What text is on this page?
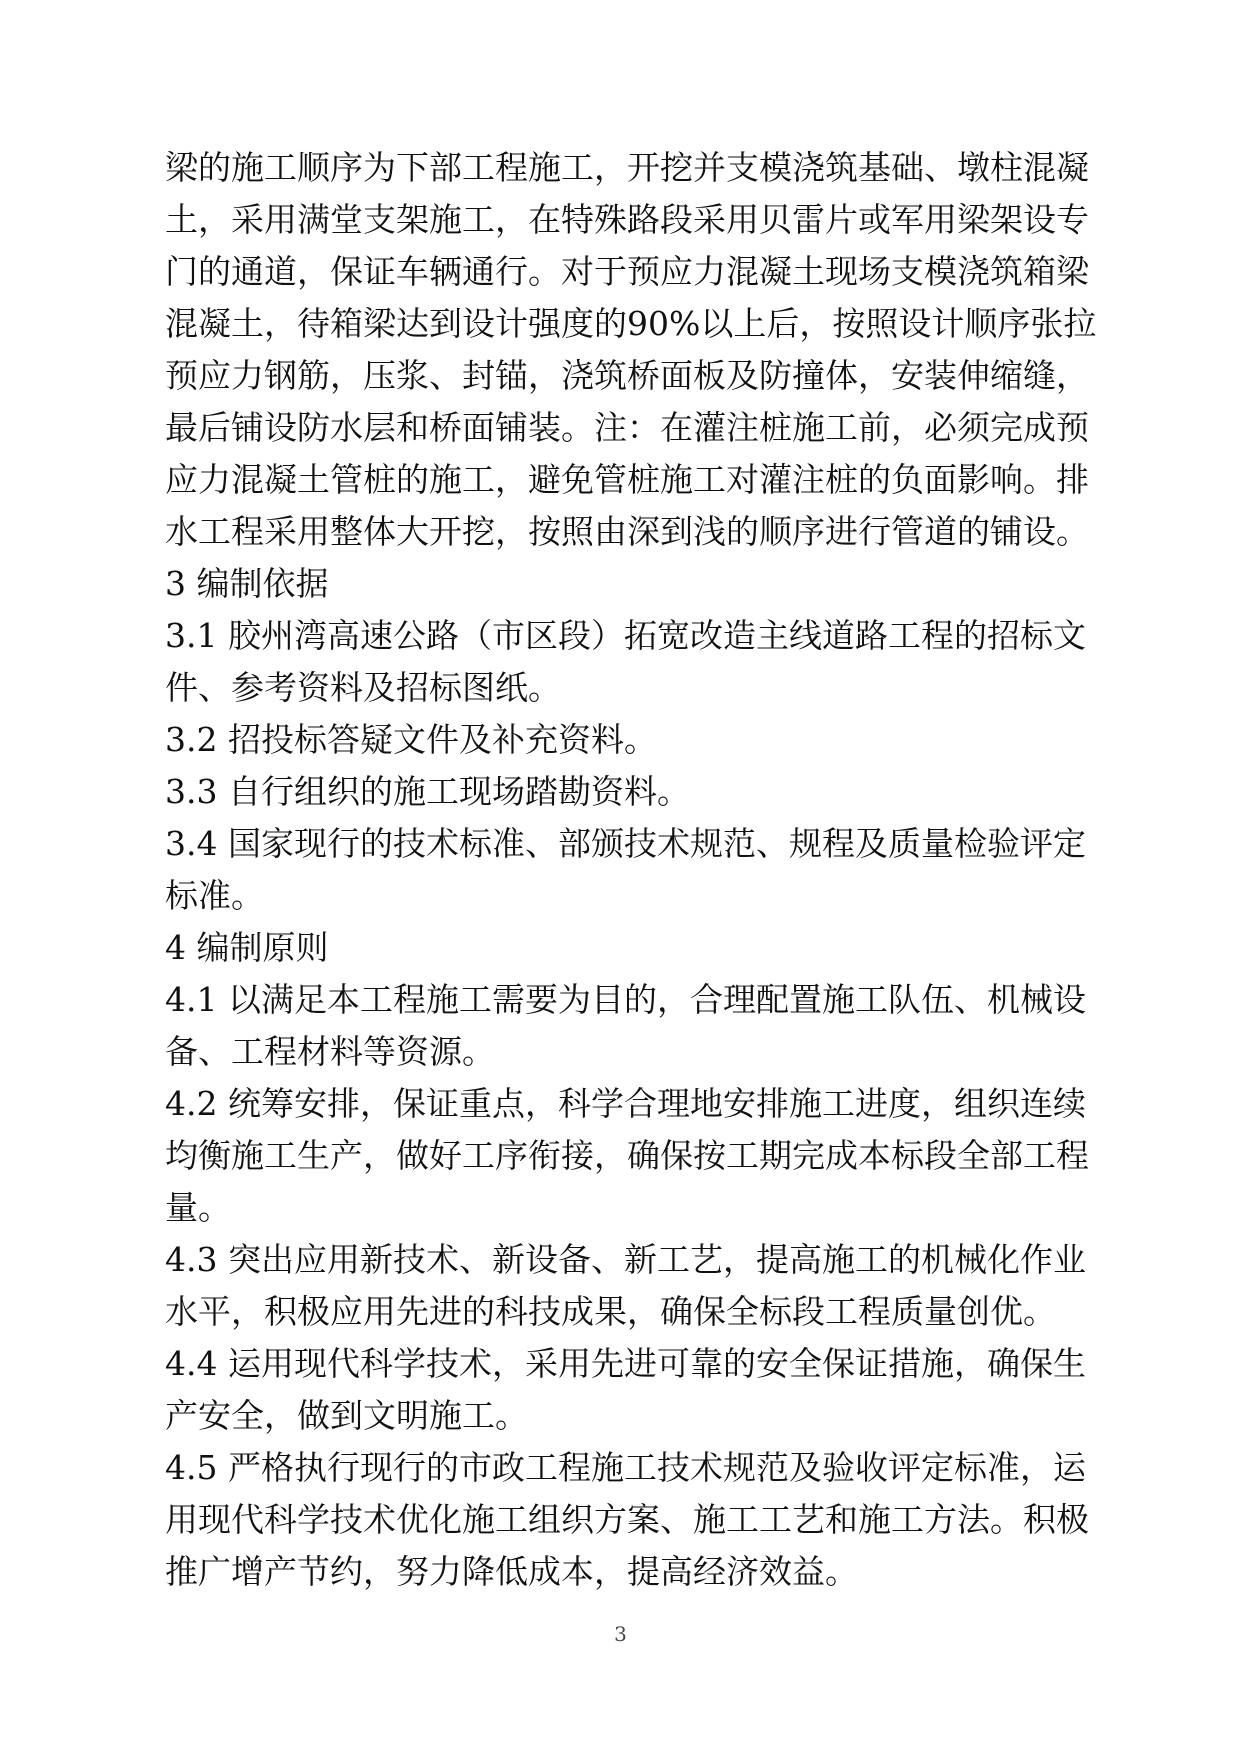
梁的施工顺序为下部工程施工，开挖并支模浇筑基础、墩柱混凝
土，采用满堂支架施工，在特殊路段采用贝雷片或军用梁架设专
门的通道，保证车辆通行。对于预应力混凝土现场支模浇筑箱梁
混凝土，待箱梁达到设计强度的90%以上后，按照设计顺序张拉
预应力钢筋，压浆、封锚，浇筑桥面板及防撞体，安装伸缩缝，
最后铺设防水层和桥面铺装。注：在灌注桩施工前，必须完成预
应力混凝土管桩的施工，避免管桩施工对灌注桩的负面影响。排
水工程采用整体大开挖，按照由深到浅的顺序进行管道的铺设。
3 编制依据
3.1 胶州湾高速公路（市区段）拓宽改造主线道路工程的招标文
件、参考资料及招标图纸。
3.2 招投标答疑文件及补充资料。
3.3 自行组织的施工现场踏勘资料。
3.4 国家现行的技术标准、部颁技术规范、规程及质量检验评定
标准。
4 编制原则
4.1 以满足本工程施工需要为目的，合理配置施工队伍、机械设
备、工程材料等资源。
4.2 统筹安排，保证重点，科学合理地安排施工进度，组织连续
均衡施工生产，做好工序衔接，确保按工期完成本标段全部工程
量。
4.3 突出应用新技术、新设备、新工艺，提高施工的机械化作业
水平，积极应用先进的科技成果，确保全标段工程质量创优。
4.4 运用现代科学技术，采用先进可靠的安全保证措施，确保生
产安全，做到文明施工。
4.5 严格执行现行的市政工程施工技术规范及验收评定标准，运
用现代科学技术优化施工组织方案、施工工艺和施工方法。积极
推广增产节约，努力降低成本，提高经济效益。
3
